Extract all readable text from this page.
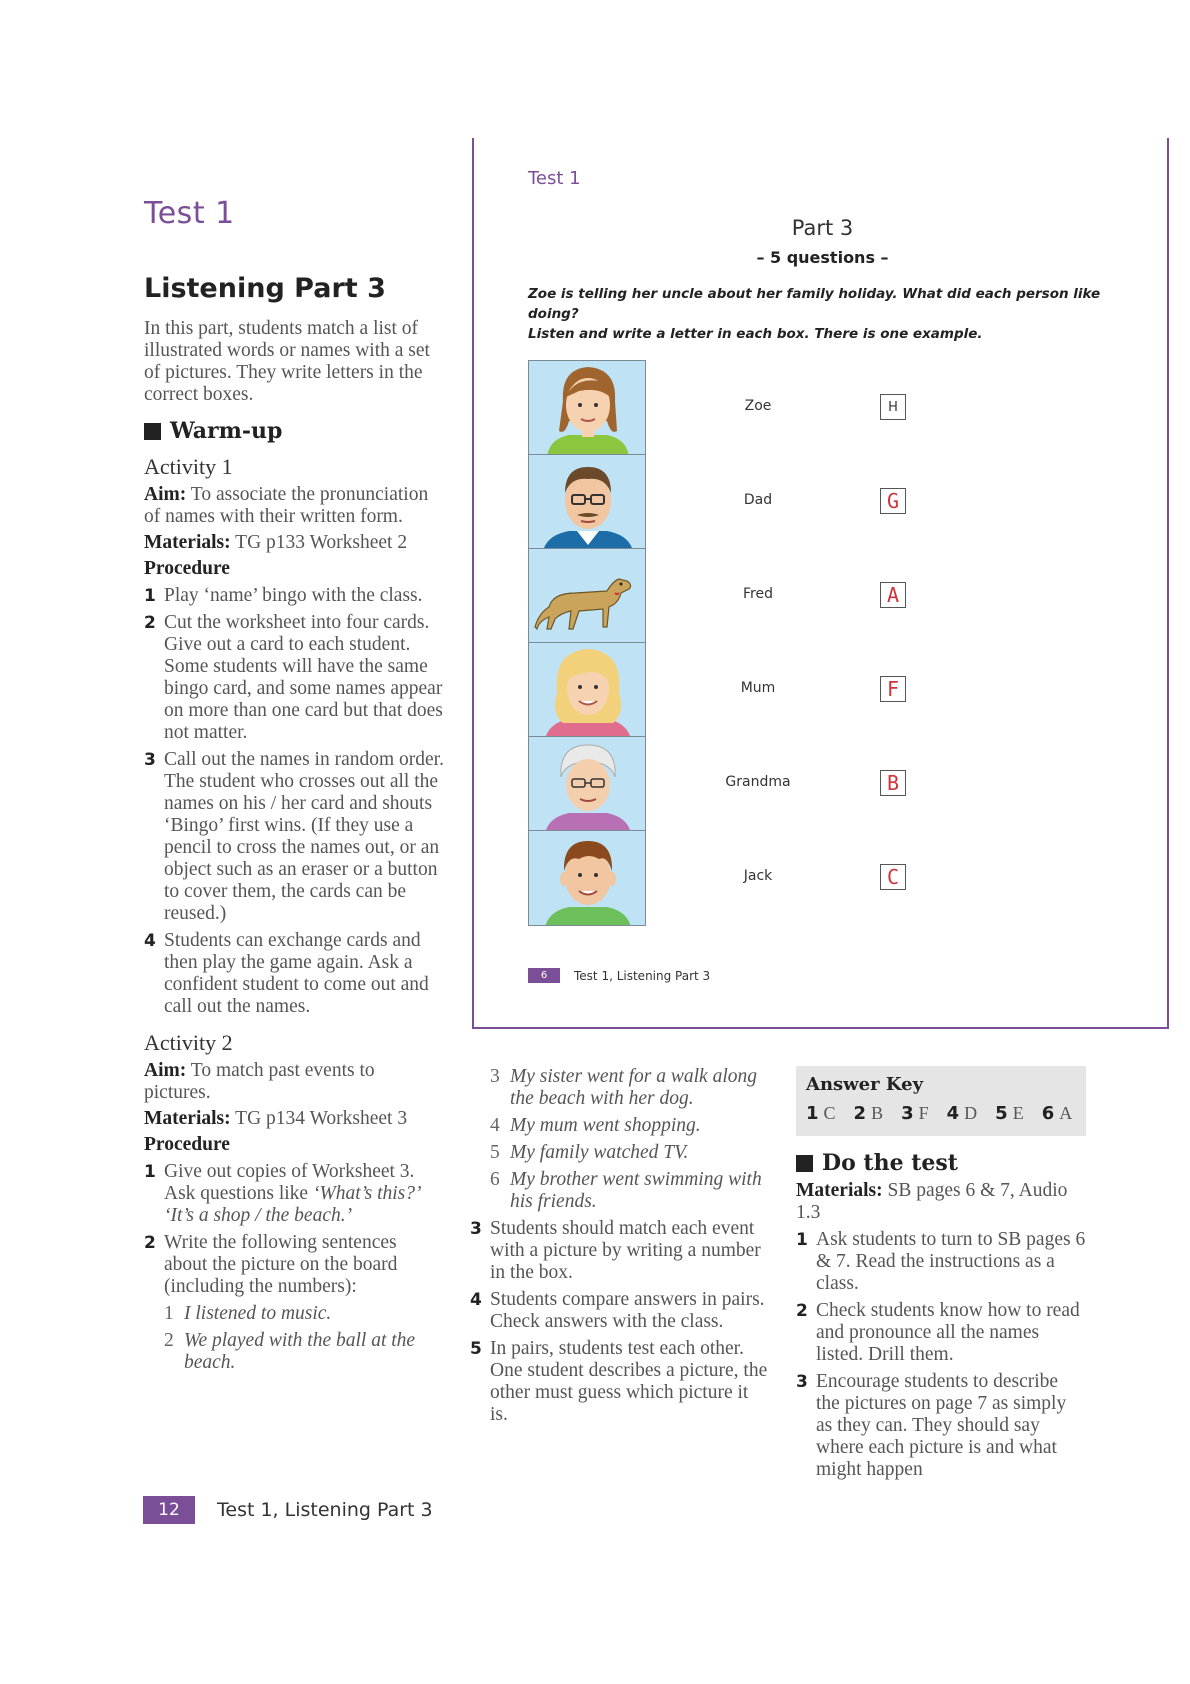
Test 1
Listening Part 3
In this part, students match a list of illustrated words or names with a set of pictures. They write letters in the correct boxes.
Warm-up
Activity 1
Aim: To associate the pronunciation of names with their written form.
Materials: TG p133 Worksheet 2
Procedure
1 Play ‘name’ bingo with the class.
2 Cut the worksheet into four cards. Give out a card to each student. Some students will have the same bingo card, and some names appear on more than one card but that does not matter.
3 Call out the names in random order. The student who crosses out all the names on his / her card and shouts ‘Bingo’ first wins. (If they use a pencil to cross the names out, or an object such as an eraser or a button to cover them, the cards can be reused.)
4 Students can exchange cards and then play the game again. Ask a confident student to come out and call out the names.
Activity 2
Aim: To match past events to pictures.
Materials: TG p134 Worksheet 3
Procedure
1 Give out copies of Worksheet 3. Ask questions like ‘What’s this?’ ‘It’s a shop / the beach.’
2 Write the following sentences about the picture on the board (including the numbers):
1 I listened to music.
2 We played with the ball at the beach.
12	Test 1, Listening Part 3
Test 1
Part 3
– 5 questions –
Zoe is telling her uncle about her family holiday. What did each person like doing?
Listen and write a letter in each box. There is one example.
Zoe	H
Dad	G
Fred	A
Mum	F
Grandma	B
Jack	C
6	Test 1, Listening Part 3
3 My sister went for a walk along the beach with her dog.
4 My mum went shopping.
5 My family watched TV.
6 My brother went swimming with his friends.
3 Students should match each event with a picture by writing a number in the box.
4 Students compare answers in pairs. Check answers with the class.
5 In pairs, students test each other. One student describes a picture, the other must guess which picture it is.
Answer Key
1 C 2 B 3 F 4 D 5 E 6 A
Do the test
Materials: SB pages 6 & 7, Audio 1.3
1 Ask students to turn to SB pages 6 & 7. Read the instructions as a class.
2 Check students know how to read and pronounce all the names listed. Drill them.
3 Encourage students to describe the pictures on page 7 as simply as they can. They should say where each picture is and what might happen
